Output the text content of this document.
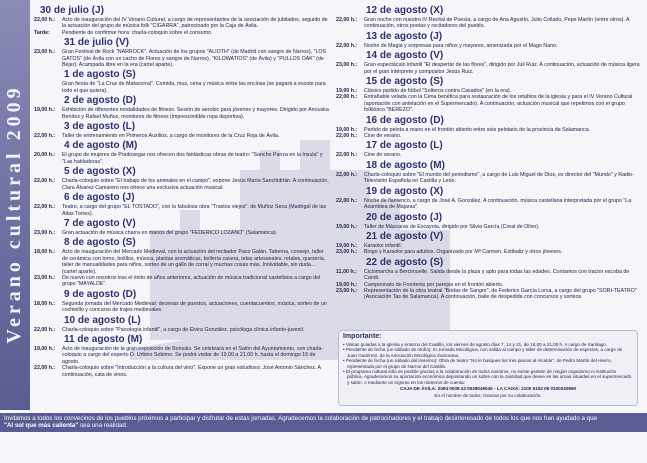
Verano cultural 2009
30 de julio (J)
22,00 h.:	Acto de inauguración del IV Verano Cultural, a cargo de representantes de la asociación de jubilados, seguido de la actuación del grupo de música folk "CIGARRA", patrocinado por la Caja de Ávila.
Tarde:	Pendiente de confirmar hora: charla-coloquio sobre el consumo.
31 de julio (V)
23,00 h.:	Gran Festival de Rock "NARROCK". Actuación de los grupos "ALIOTH" (de Madrid con sangre de Narros), "LOS GATOS" (de Ávila con un cacho de Flores y sangre de Narros), "KILOWATIOS" (de Ávila) y "PULLOS OAK" (de Béjar). Acampada libre en la era (cartel aparte).
1 de agosto (S)
Gran fiesta de "La Cruz de Matacorral". Comida, mus, cena y música entre las encinas (se pagará a escote para todo el que quiera).
2 de agosto (D)
19,00 h.:	Exhibición de diferentes modalidades de fitness. Sesión de aerobic para jóvenes y mayores. Dirigido por Anouska Benítez y Rafael Muñoz, monitores de fitness (imprescindible ropa deportiva).
3 de agosto (L)
22,00 h.:	Taller de entrenamiento en Primeros Auxilios, a cargo de monitores de la Cruz Roja de Ávila.
4 de agosto (M)
20,00 h.:	El grupo de mujeres de Pradosegar nos ofrecen dos fantásticas obras de teatro: "Sancho Panza en la ínsula" y "Las habladoras".
5 de agosto (X)
22,00 h.:	Charla-coloquio sobre "El trabajo de los animales en el campo", expone Jesús María Sanchidrián. A continuación, Clara Álvarez Camarero nos ofrece una exclusiva actuación musical.
6 de agosto (J)
22,00 h.:	Teatro, a cargo del grupo "EL TOSTADO", con la fabulosa obra "Trastos viejos", de Muñoz Seca (Madrigal de las Altas Torres).
7 de agosto (V)
23,00 h.:	Gran actuación de música charra en manos del grupo "FEDERICO LOZANO" (Salamanca).
8 de agosto (S)
18,00 h.:	Acto de inauguración del Mercado Medieval, con la actuación del recitador Paco Galán. Taberna, consejo, taller de cerámica con torno, bolillos, música, plantas aromáticas, bollería casera, telas artesanales, retales, quesería, taller de manualidades para niños, sorteo de un gallo de corral y muchas cosas más. Inolvidable, sin duda... (cartel aparte).
23,00 h.:	De nuevo con nosotros tras el éxito de años anteriores, actuación de música tradicional castellana a cargo del grupo "MAYALDE".
9 de agosto (D)
18,00 h.:	Segunda jornada del Mercado Medieval; decenas de puestos, actuaciones, cuentacuentos, música, sorteo de un cochinillo y concurso de trajes medievales.
10 de agosto (L)
22,00 h.:	Charla-coloquio sobre "Psicología infantil", a cargo de Elvira González, psicóloga clínica infanto-juvenil.
11 de agosto (M)
19,00 h.:	Acto de inauguración de la gran exposición de Bonsáis. Se celebrará en el Salón del Ayuntamiento, con charla-coloquio a cargo del experto D. Urbino Sobrino. Se podrá visitar de 19,00 a 21,00 h. hasta el domingo 16 de agosto.
22,00 h.:	Charla-coloquio sobre "Introducción a la cultura del vino". Expone un gran estudioso: José Antonio Sánchez. A continuación, cata de vinos.
12 de agosto (X)
22,00 h.:	Gran noche con nuestro IV Recital de Poesía, a cargo de Ana Agustín, Julio Collado, Pepe Martín (entre otros). A continuación, otros poetas y recitadores del pueblo.
13 de agosto (J)
22,00 h.:	Noche de Magia y sorpresas para niños y mayores, amenizada por el Mago Nano.
14 de agosto (V)
23,00 h.:	Gran espectáculo infantil "El despertar de las flores", dirigido por Juli Ruiz. A continuación, actuación de música ligera por el gran intérprete y compositor Jesús Ruiz.
15 de agosto (S)
19,00 h.:	Clásico partido de fútbol "Solteros contra Casados" (en la era).
22,00 h.:	Entrañable velada con la Cena benéfica para restauración de los retablos de la iglesia y para el IV Verano Cultural (aportación con antelación en el Supermercado). A continuación, actuación musical que repetimos con el grupo folklórico "BEREZO".
16 de agosto (D)
19,00 h.:	Partido de pelota a mano en el frontón abierto entre seis pelotaris de la provincia de Salamanca.
22,00 h.:	Cine de verano.
17 de agosto (L)
22,00 h.:	Cine de verano.
18 de agosto (M)
22,00 h.:	Charla-coloquio sobre "El mundo del periodismo", a cargo de Luis Miguel de Dios, ex director del "Mundo" y Radio-Televisión Española en Castilla y León.
19 de agosto (X)
22,00 h.:	Noche de flamenco, a cargo de José A. González. A continuación, música castellana interpretada por el grupo "La Asamblea de Majaras".
20 de agosto (J)
19,00 h.:	Taller de Máscaras de Escayola, dirigido por Silvia García (Coral de Olivo).
21 de agosto (V)
19,00 h.:	Karaoke infantil.
23,00 h.:	Bingo y Karaoke para adultos. Organizado por Mª Carmen, Estibaliz y otros jóvenes.
22 de agosto (S)
11,00 h.:	Ciclomarcha a Bercimuelle. Salida desde la plaza y apto para todas las edades. Contamos con tractor escoba de Candi.
19,00 h.:	Campeonato de Frontenis por parejas en el frontón abierto.
23,00 h.:	Representación de la obra teatral "Bodas de Sangre", de Federico García Lorca, a cargo del grupo "SORI-TEATRO" (Asociación Tas de Salamanca). A continuación, baile de despedida con concursos y sorteos.
Importante:
• Visitas guiadas a la iglesia y entorno del Castillo, los viernes de agosto días 7, 14 y 21, de 19,00 a 21,00 h. A cargo de Santiago.
• Pendiente de fecha (un sábado de otoño): III Jornada Micológica, con salida al campo y taller de determinación de especies, a cargo de Juan Gutiérrez, de la Asociación Micológica Zamorana.
• Pendiente de fecha (un sábado del invierno): Obra de teatro "No le busques los tres pianos al Alcalde", de Pedro Martín del Hierro, representada por el grupo de Narros del Castillo.
• El programa cultural sólo es posible gracias a la colaboración de todos nosotros, no existe gestión de ningún organismo ni institución pública. Agradecemos su aportación económica depositando un sobre con la cantidad que desee en las urnas situadas en el supermercado y salón, o mediante un ingreso en los números de cuenta:
CAJA DE ÁVILA: 2094 0038 43 0038049045 - LA CAIXA: 2100 6153 05 0100040860
En el nombre de todos: Gracias por su colaboración.
Invitamos a todos los convecinos de los pueblos próximos a participar y disfrutar de estas jornadas. Agradecemos la colaboración de patrocinadores y el trabajo desinteresado de todos los que nos han ayudado a que "Al sol que más calienta" sea una realidad.
